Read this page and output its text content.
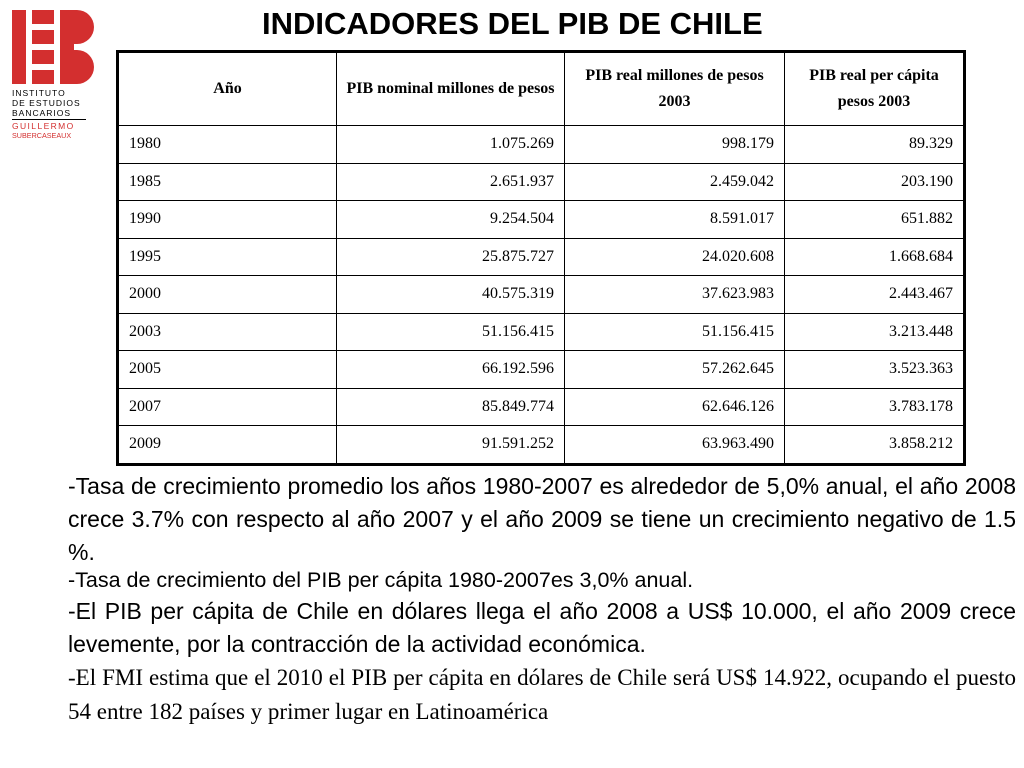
INSTITUTO
DE ESTUDIOS
BANCARIOS
GUILLERMO
SUBERCASEAUX
INDICADORES DEL PIB DE CHILE
Año	PIB nominal millones de pesos	PIB real millones de pesos 2003	PIB real per cápita pesos 2003
1980	1.075.269	998.179	89.329
1985	2.651.937	2.459.042	203.190
1990	9.254.504	8.591.017	651.882
1995	25.875.727	24.020.608	1.668.684
2000	40.575.319	37.623.983	2.443.467
2003	51.156.415	51.156.415	3.213.448
2005	66.192.596	57.262.645	3.523.363
2007	85.849.774	62.646.126	3.783.178
2009	91.591.252	63.963.490	3.858.212

-Tasa de crecimiento promedio los años 1980-2007 es alrededor de 5,0% anual, el año 2008 crece 3.7% con respecto al año 2007 y el año 2009 se tiene un crecimiento negativo de 1.5 %.

-Tasa de crecimiento del PIB per cápita 1980-2007es 3,0% anual.

-El PIB per cápita de Chile en dólares llega el año 2008 a US$ 10.000, el año 2009 crece levemente, por la contracción de la actividad económica.

-El FMI estima que el 2010 el PIB per cápita en dólares de Chile será US$ 14.922, ocupando el puesto 54 entre 182 países y primer lugar en Latinoamérica
